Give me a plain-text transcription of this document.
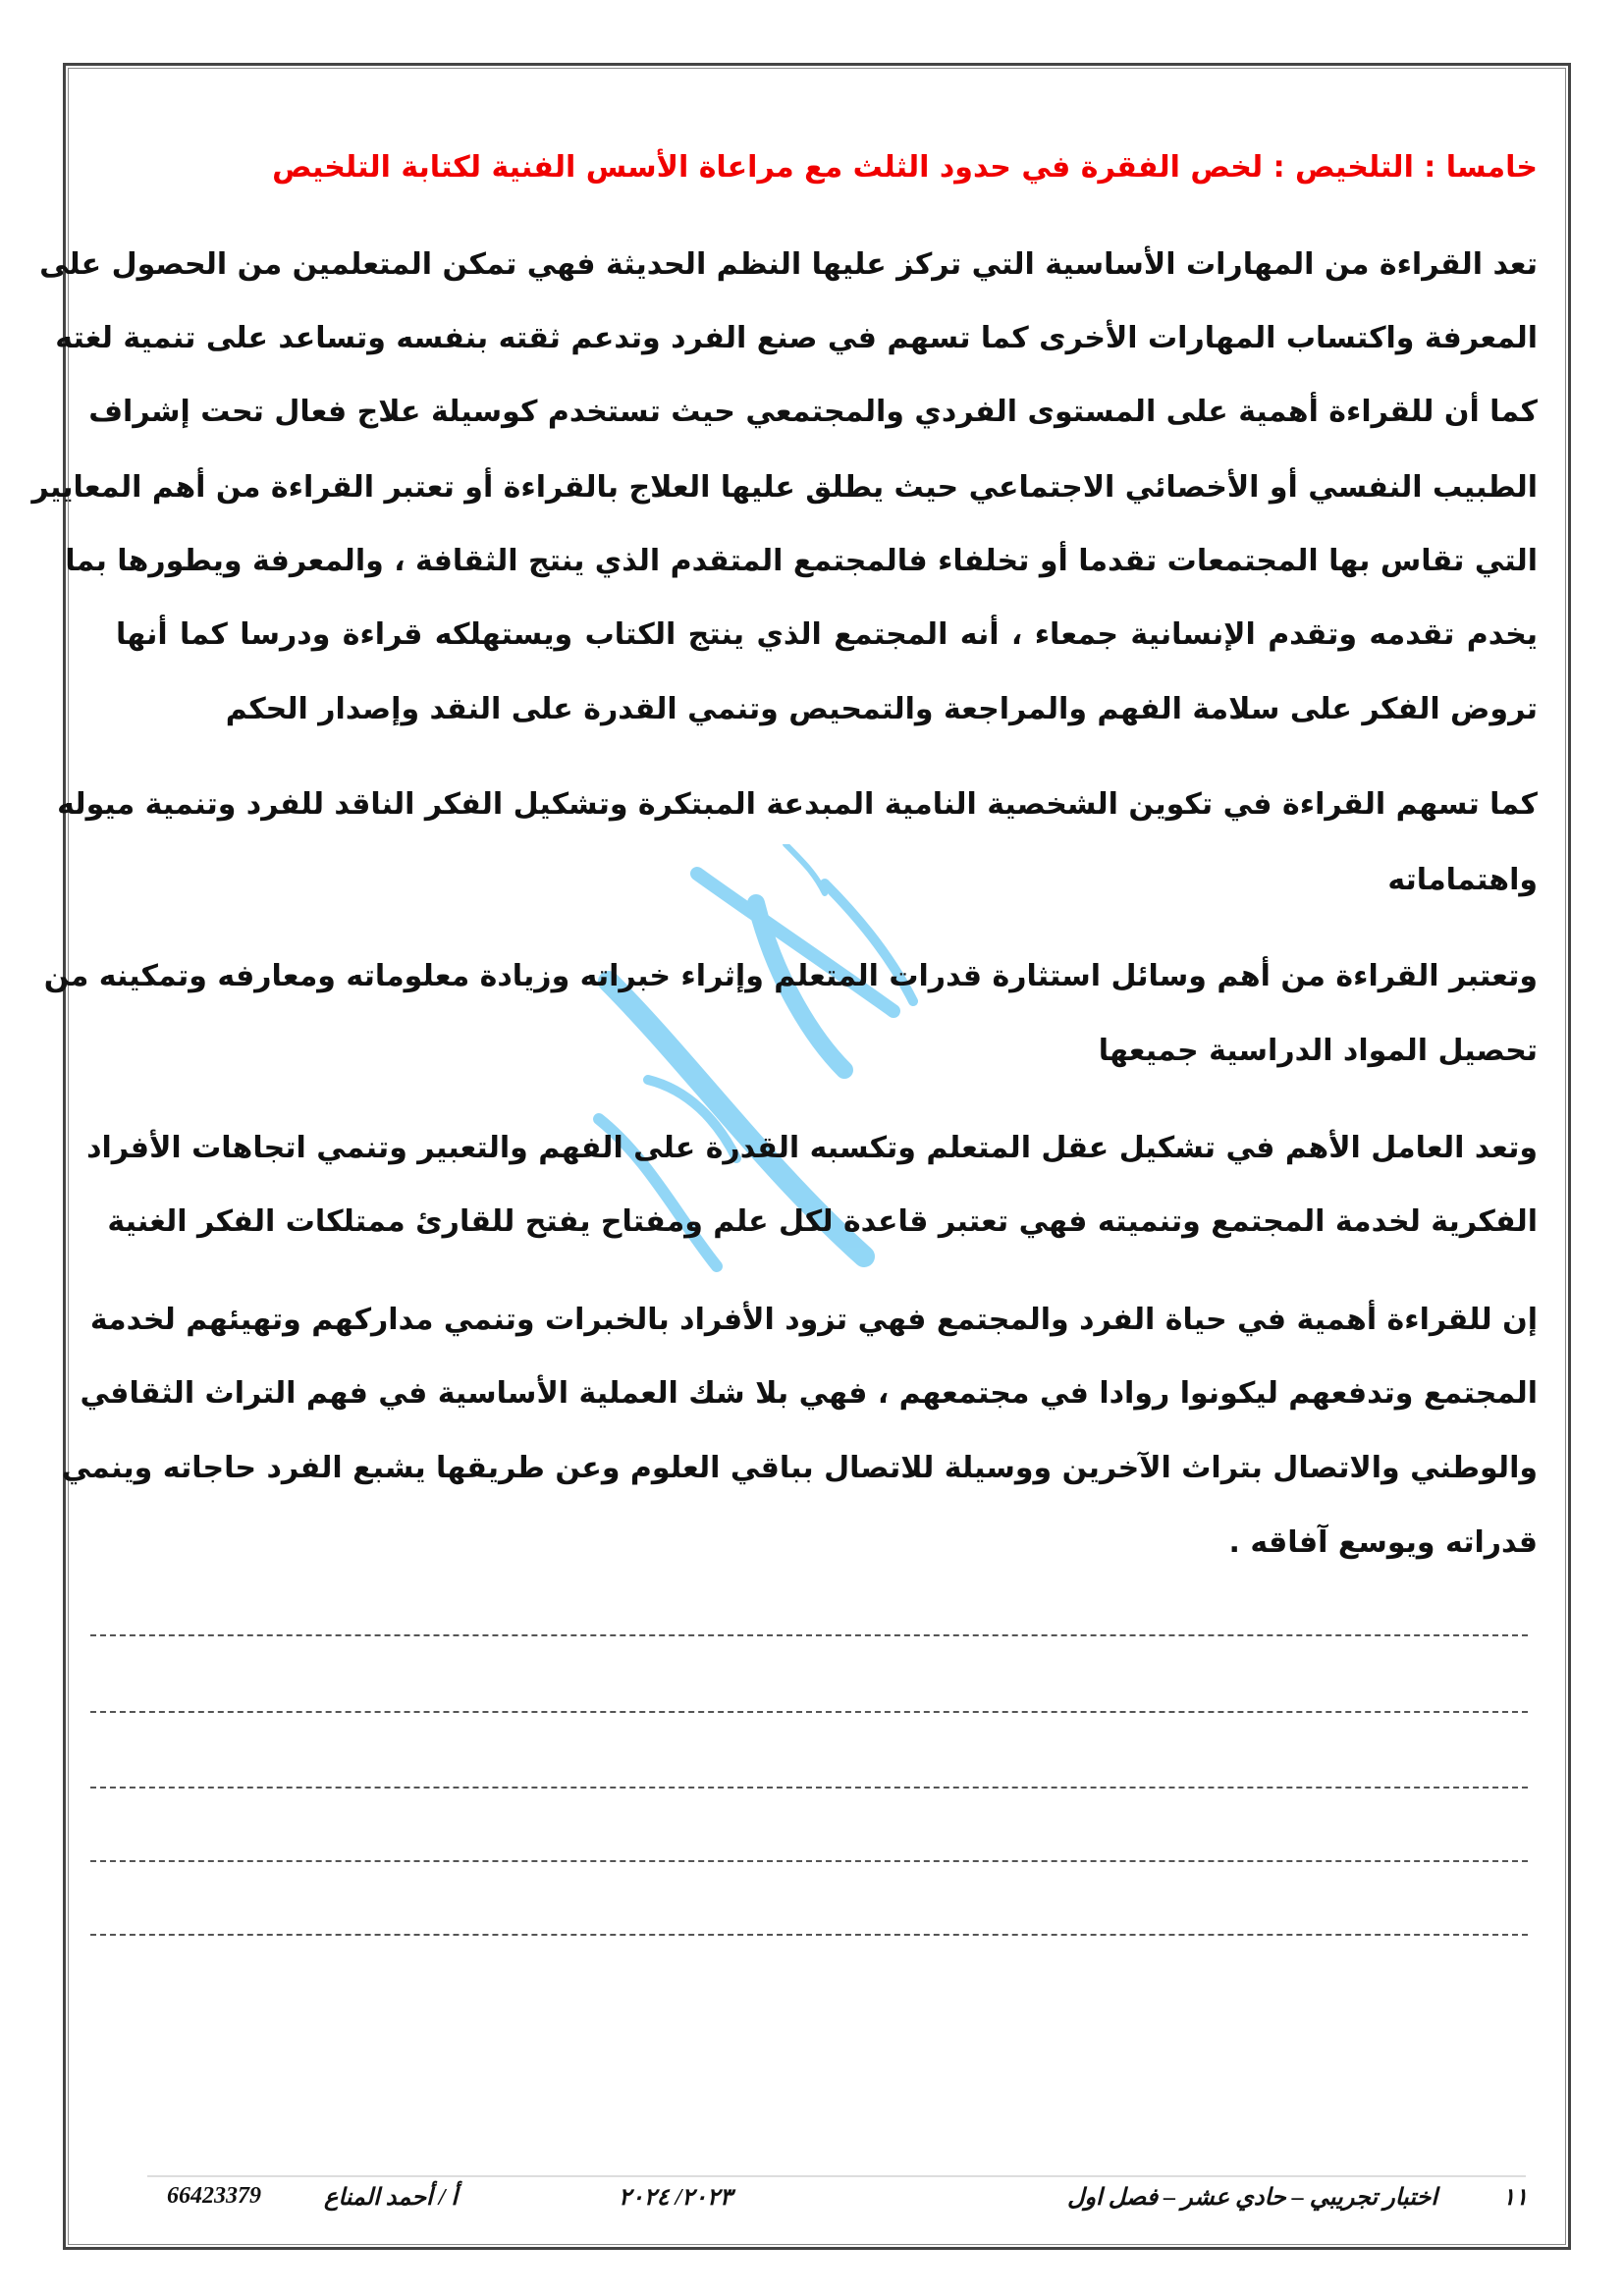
خامسا : التلخيص : لخص الفقرة في حدود الثلث مع مراعاة الأسس الفنية لكتابة التلخيص
تعد القراءة من المهارات الأساسية التي تركز عليها النظم الحديثة فهي تمكن المتعلمين من الحصول على
المعرفة واكتساب المهارات الأخرى كما تسهم في صنع الفرد وتدعم ثقته بنفسه وتساعد على تنمية لغته
كما أن للقراءة أهمية على المستوى الفردي والمجتمعي حيث تستخدم كوسيلة علاج فعال تحت إشراف
الطبيب النفسي أو الأخصائي الاجتماعي حيث يطلق عليها العلاج بالقراءة أو تعتبر القراءة من أهم المعايير
التي تقاس بها المجتمعات تقدما أو تخلفاء فالمجتمع المتقدم الذي ينتج الثقافة ، والمعرفة ويطورها بما
يخدم تقدمه وتقدم الإنسانية جمعاء ، أنه المجتمع الذي ينتج الكتاب ويستهلكه قراءة ودرسا كما أنها
تروض الفكر على سلامة الفهم والمراجعة والتمحيص وتنمي القدرة على النقد وإصدار الحكم
كما تسهم القراءة في تكوين الشخصية النامية المبدعة المبتكرة وتشكيل الفكر الناقد للفرد وتنمية ميوله
واهتماماته
وتعتبر القراءة من أهم وسائل استثارة قدرات المتعلم وإثراء خبراته وزيادة معلوماته ومعارفه وتمكينه من
تحصيل المواد الدراسية جميعها
وتعد العامل الأهم في تشكيل عقل المتعلم وتكسبه القدرة على الفهم والتعبير وتنمي اتجاهات الأفراد
الفكرية لخدمة المجتمع وتنميته فهي تعتبر قاعدة لكل علم ومفتاح يفتح للقارئ ممتلكات الفكر الغنية
إن للقراءة أهمية في حياة الفرد والمجتمع فهي تزود الأفراد بالخبرات وتنمي مداركهم وتهيئهم لخدمة
المجتمع وتدفعهم ليكونوا روادا في مجتمعهم ، فهي بلا شك العملية الأساسية في فهم التراث الثقافي
والوطني والاتصال بتراث الآخرين ووسيلة للاتصال بباقي العلوم وعن طريقها يشبع الفرد حاجاته وينمي
قدراته ويوسع آفاقه .
١١
اختبار تجريبي – حادي عشر – فصل اول
٢٠٢٣/ ٢٠٢٤
أ / أحمد المناع
66423379
